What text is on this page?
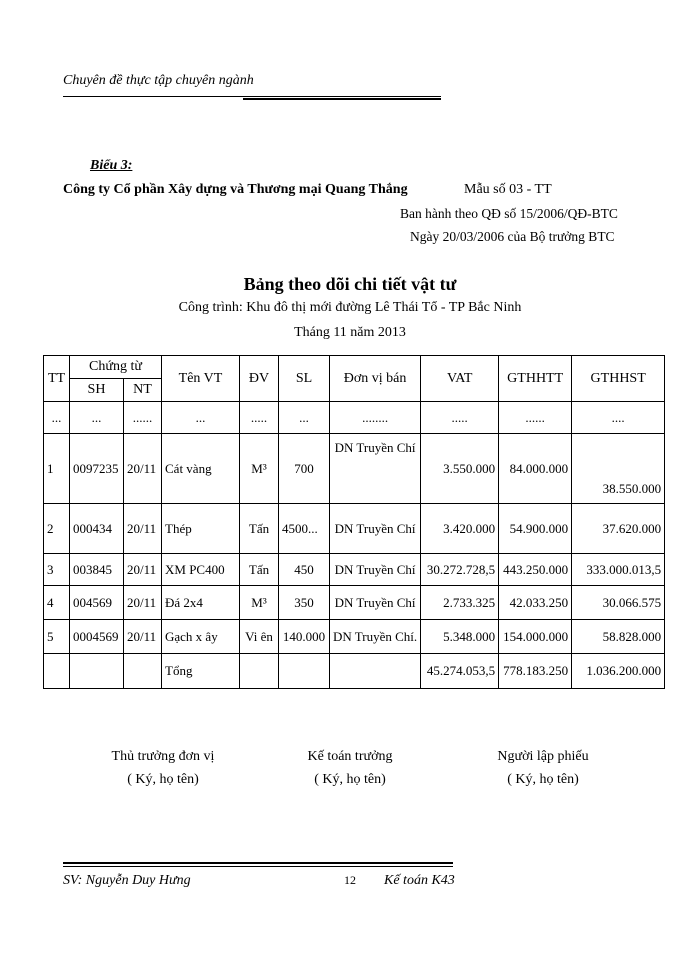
Chuyên đề thực tập chuyên ngành
Biểu 3:
Công ty Cổ phần Xây dựng và Thương mại Quang Thắng	Mẫu số 03 - TT
Ban hành theo QĐ số 15/2006/QĐ-BTC
Ngày 20/03/2006 của Bộ trưởng BTC
Bảng theo dõi chi tiết vật tư
Công trình: Khu đô thị mới đường Lê Thái Tổ - TP Bắc Ninh
Tháng 11 năm 2013
TT	Chứng từ		Tên VT	ĐV	SL	Đơn vị bán	VAT	GTHHTT	GTHHST
	SH	NT							
...	...	......	...	.....	...	........	.....	......	....
1	0097235	20/11	Cát vàng	M³	700	DN Truyền Chí	3.550.000	84.000.000	38.550.000
2	000434	20/11	Thép	Tấn	4500...	DN Truyền Chí	3.420.000	54.900.000	37.620.000
3	003845	20/11	XM PC400	Tấn	450	DN Truyền Chí	30.272.728,5	443.250.000	333.000.013,5
4	004569	20/11	Đá 2x4	M³	350	DN Truyền Chí	2.733.325	42.033.250	30.066.575
5	0004569	20/11	Gạch x ây	Vi ên	140.000	DN Truyền Chí.	5.348.000	154.000.000	58.828.000
			Tổng				45.274.053,5	778.183.250	1.036.200.000
Thủ trưởng đơn vị
( Ký, họ tên)
Kế toán trưởng
( Ký, họ tên)
Người lập phiếu
( Ký, họ tên)
SV: Nguyễn Duy Hưng	12 Kế toán K43
